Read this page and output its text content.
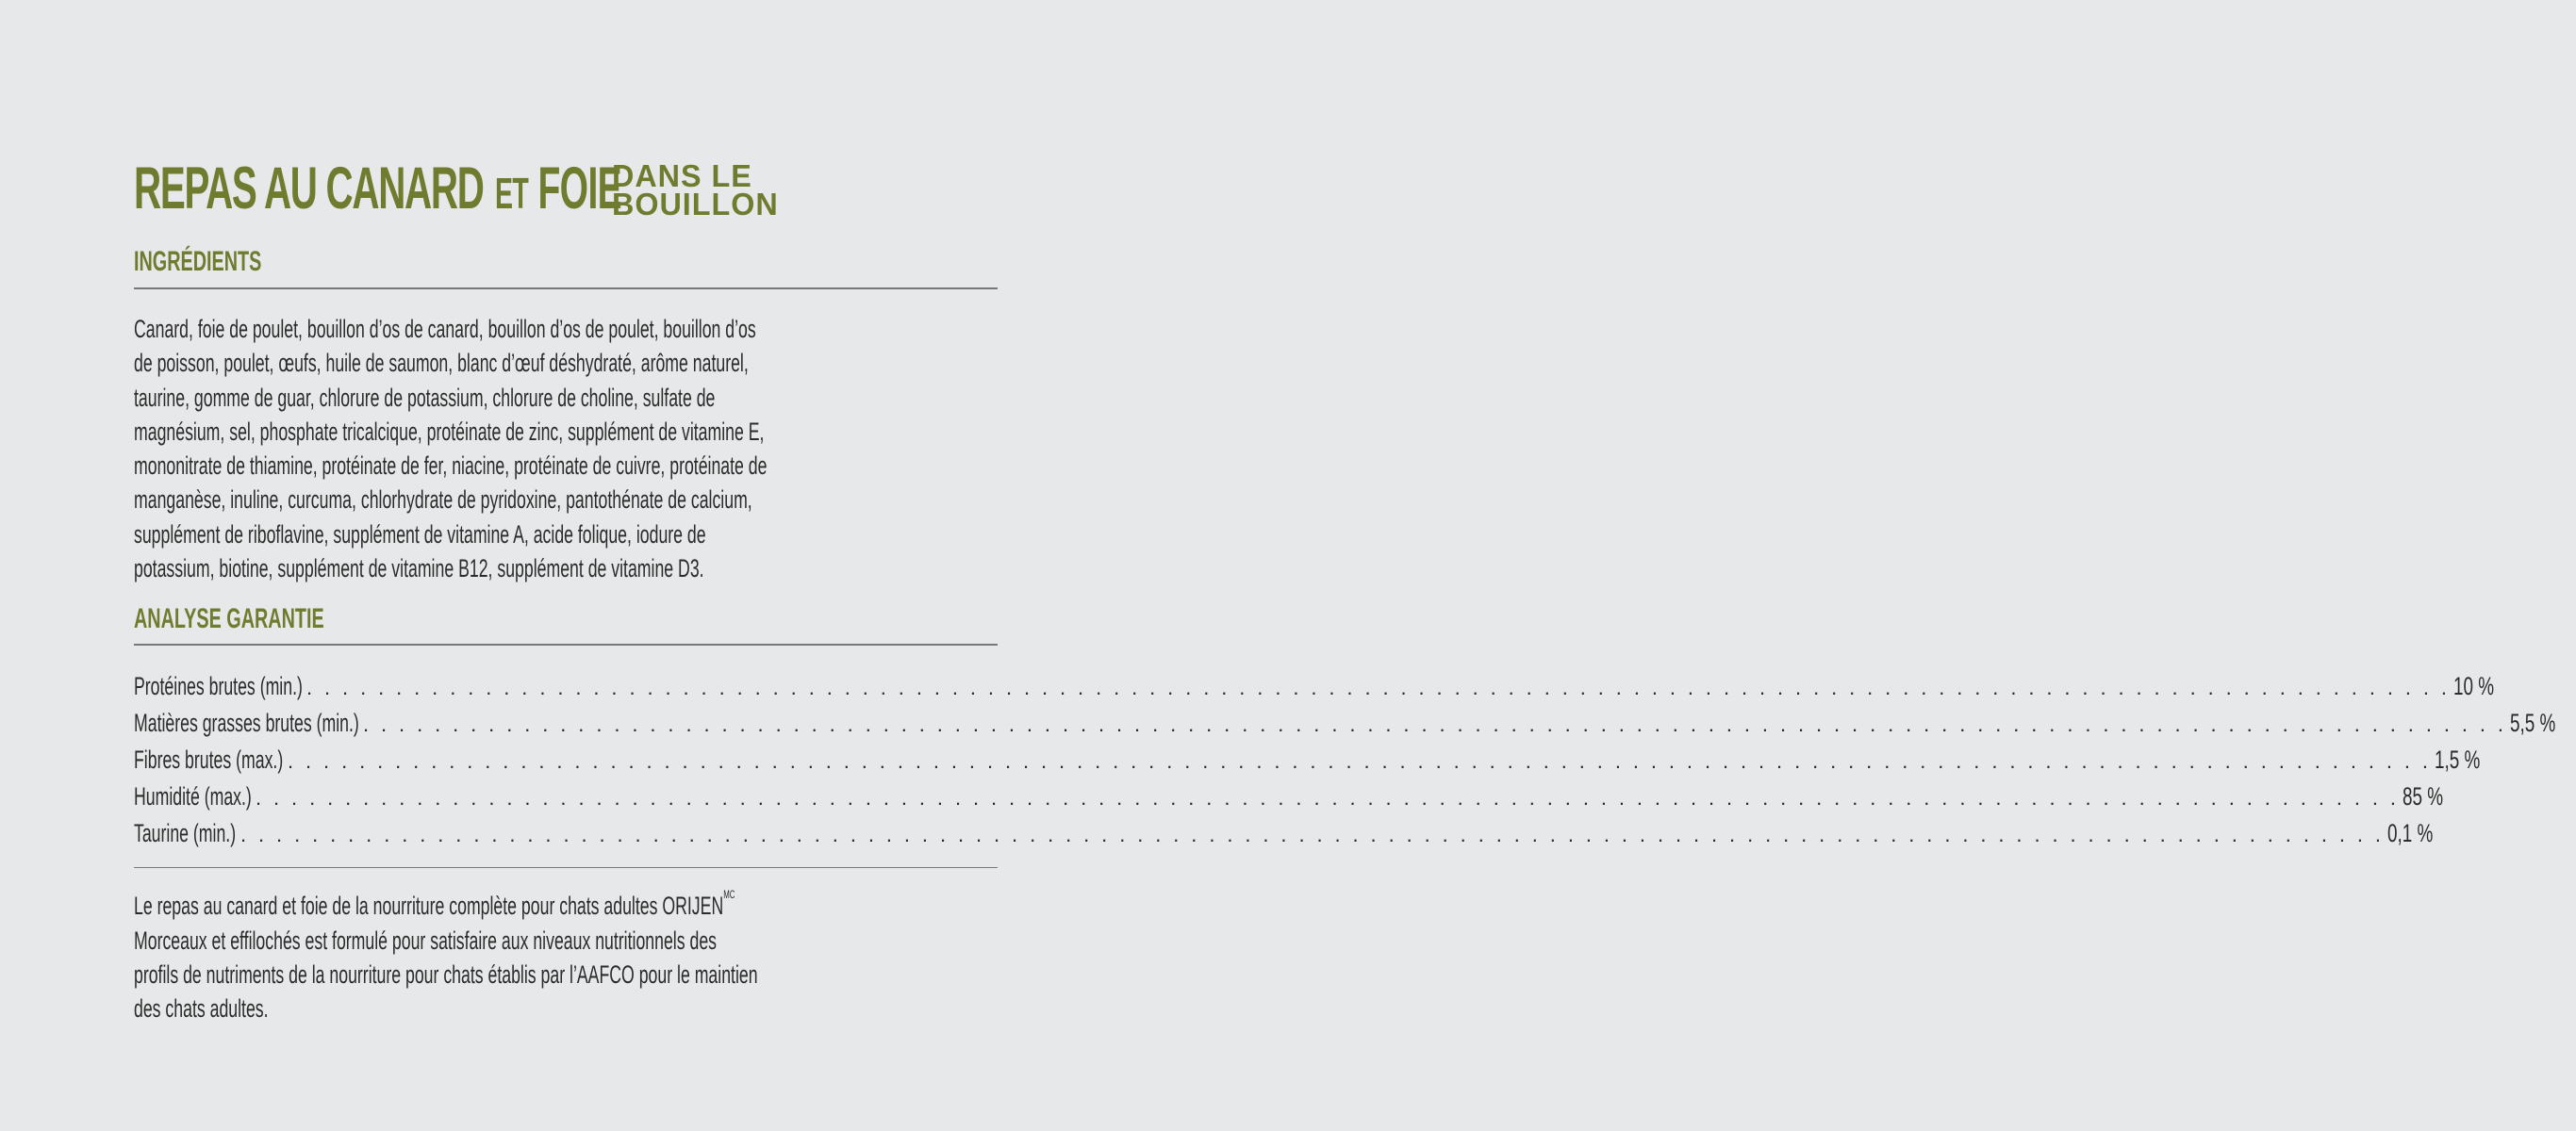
REPAS AU CANARD ET FOIE
DANS LE
BOUILLON
INGRÉDIENTS
Canard, foie de poulet, bouillon d’os de canard, bouillon d’os de poulet, bouillon d’os
de poisson, poulet, œufs, huile de saumon, blanc d’œuf déshydraté, arôme naturel,
taurine, gomme de guar, chlorure de potassium, chlorure de choline, sulfate de
magnésium, sel, phosphate tricalcique, protéinate de zinc, supplément de vitamine E,
mononitrate de thiamine, protéinate de fer, niacine, protéinate de cuivre, protéinate de
manganèse, inuline, curcuma, chlorhydrate de pyridoxine, pantothénate de calcium,
supplément de riboflavine, supplément de vitamine A, acide folique, iodure de
potassium, biotine, supplément de vitamine B12, supplément de vitamine D3.
ANALYSE GARANTIE
Protéines brutes (min.) . . . . . . . . . . . . . . . . . . . . . . . . . . . . . . . . . . . . . . . . . . . . . . . . . . . . . . . . . . . . . . . . . . . . . . . . . . . . . . . . . . . . . . . . . . . . . . . . . . . . . . . . . . . . . . . . . . . . . . . . 10 %
Matières grasses brutes (min.) . . . . . . . . . . . . . . . . . . . . . . . . . . . . . . . . . . . . . . . . . . . . . . . . . . . . . . . . . . . . . . . . . . . . . . . . . . . . . . . . . . . . . . . . . . . . . . . . . . . . . . . . . . . . . . . . . . . . . . . . 5,5 %
Fibres brutes (max.) . . . . . . . . . . . . . . . . . . . . . . . . . . . . . . . . . . . . . . . . . . . . . . . . . . . . . . . . . . . . . . . . . . . . . . . . . . . . . . . . . . . . . . . . . . . . . . . . . . . . . . . . . . . . . . . . . . . . . . . . 1,5 %
Humidité (max.) . . . . . . . . . . . . . . . . . . . . . . . . . . . . . . . . . . . . . . . . . . . . . . . . . . . . . . . . . . . . . . . . . . . . . . . . . . . . . . . . . . . . . . . . . . . . . . . . . . . . . . . . . . . . . . . . . . . . . . . . 85 %
Taurine (min.) . . . . . . . . . . . . . . . . . . . . . . . . . . . . . . . . . . . . . . . . . . . . . . . . . . . . . . . . . . . . . . . . . . . . . . . . . . . . . . . . . . . . . . . . . . . . . . . . . . . . . . . . . . . . . . . . . . . . . . . . 0,1 %
Le repas au canard et foie de la nourriture complète pour chats adultes $ORIJEN^{MC}$
Morceaux et effilochés est formulé pour satisfaire aux niveaux nutritionnels des
profils de nutriments de la nourriture pour chats établis par l’AAFCO pour le maintien
des chats adultes.
